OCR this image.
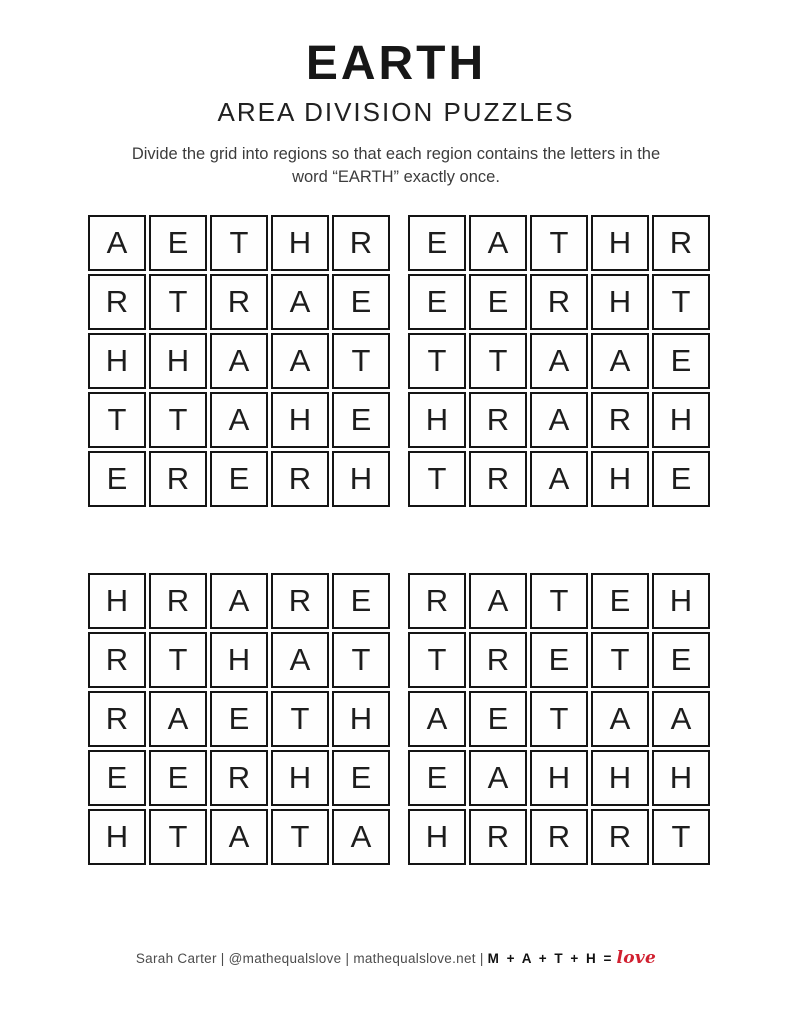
EARTH
AREA DIVISION PUZZLES
Divide the grid into regions so that each region contains the letters in the
word “EARTH” exactly once.
A	E	T	H	R
R	T	R	A	E
H	H	A	A	T
T	T	A	H	E
E	R	E	R	H
E	A	T	H	R
E	E	R	H	T
T	T	A	A	E
H	R	A	R	H
T	R	A	H	E
H	R	A	R	E
R	T	H	A	T
R	A	E	T	H
E	E	R	H	E
H	T	A	T	A
R	A	T	E	H
T	R	E	T	E
A	E	T	A	A
E	A	H	H	H
H	R	R	R	T
Sarah Carter | @mathequalslove | mathequalslove.net | M + A + T + H = love
